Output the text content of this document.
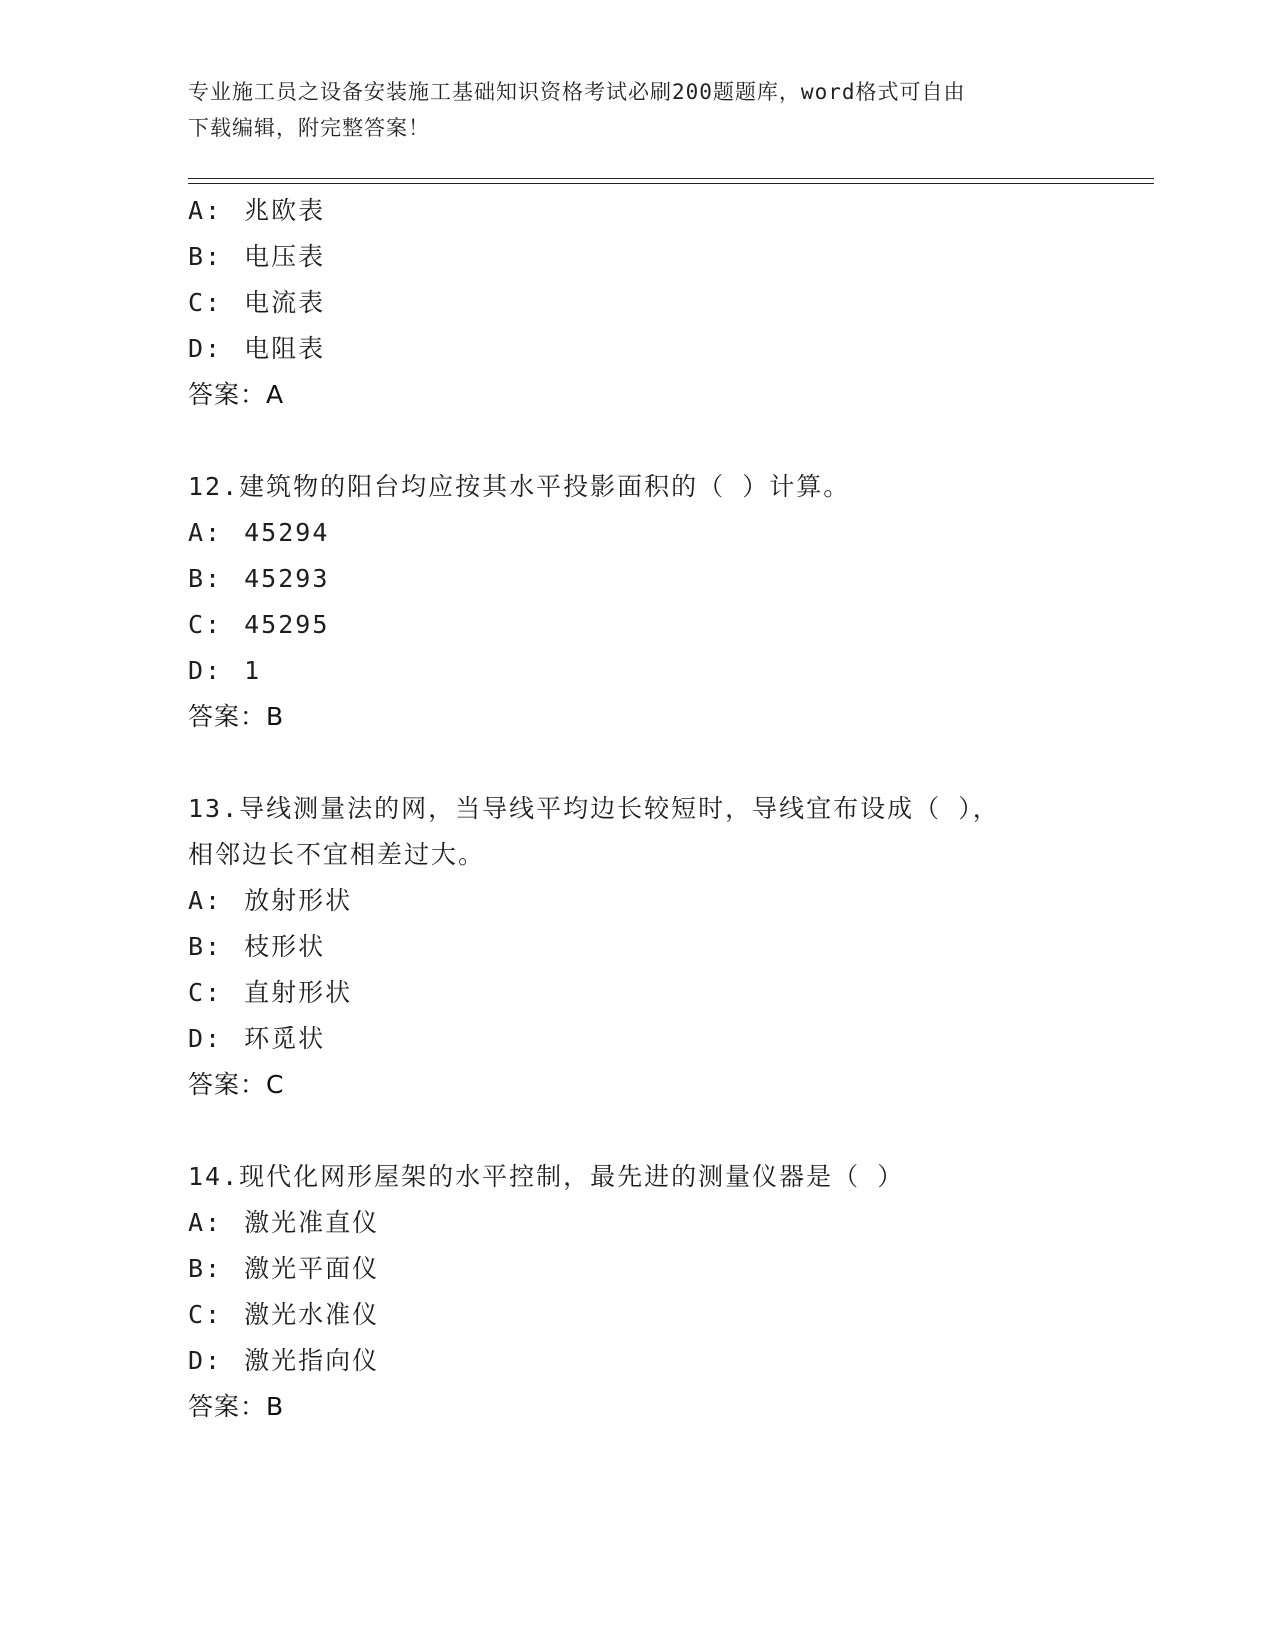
专业施工员之设备安装施工基础知识资格考试必刷200题题库，word格式可自由
下载编辑，附完整答案！
A: 兆欧表
B: 电压表
C: 电流表
D: 电阻表
答案：A
12.建筑物的阳台均应按其水平投影面积的（ ）计算。
A: 45294
B: 45293
C: 45295
D: 1
答案：B
13.导线测量法的网，当导线平均边长较短时，导线宜布设成（ ），
相邻边长不宜相差过大。
A: 放射形状
B: 枝形状
C: 直射形状
D: 环觅状
答案：C
14.现代化网形屋架的水平控制，最先进的测量仪器是（ ）
A: 激光准直仪
B: 激光平面仪
C: 激光水准仪
D: 激光指向仪
答案：B
